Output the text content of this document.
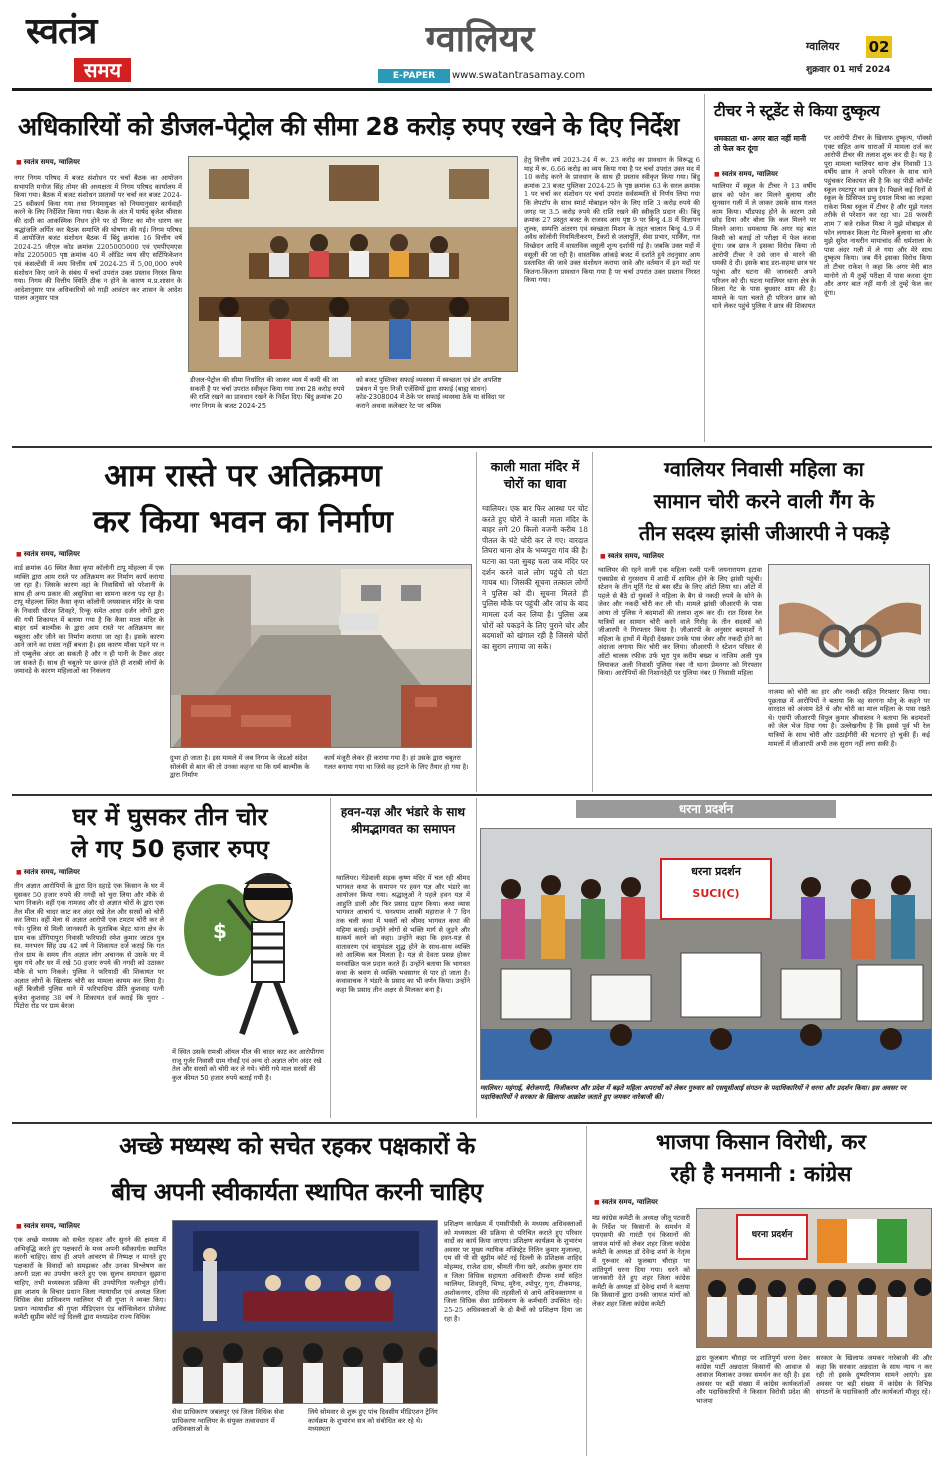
स्वतंत्र
समय
ग्वालियर
E-PAPER	www.swatantrasamay.com
ग्वालियर 02
शुक्रवार 01 मार्च 2024
अधिकारियों को डीजल-पेट्रोल की सीमा 28 करोड़ रुपए रखने के दिए निर्देश
■ स्वतंत्र समय, ग्वालियर
नगर निगम परिषद में बजट संशोधन पर चर्चा बैठक का आयोजन सभापति मनोज सिंह तोमर की अध्यक्षता में निगम परिषद कार्यालय में किया गया। बैठक में बजट संशोधन प्रस्तावों पर चर्चा कर बजट 2024-25 स्वीकार्य किया गया तथा निगमायुक्त को नियमानुसार कार्यवाही करने के लिए निर्देशित किया गया। बैठक के अंत में पार्षद बृजेश श्रीवास की दादी का आकस्मिक निधन होने पर दो मिनट का मौन धारण कर श्रद्धांजलि अर्पित कर बैठक समाप्ति की घोषणा की गई। निगम परिषद में आयोजित बजट संशोधन बैठक में बिंदु क्रमांक 16 वित्तीय वर्ष 2024-25 जीएल कोड क्रमांक 2205005000 एवं एमपीएमएस कोड 2205005 पृष्ठ क्रमांक 40 में ऑडिट व्यय सीए सर्टिफिकेशन एवं कंसल्टेंसी में व्यय वित्तीय वर्ष 2024-25 में 5,00,000 रुपये संशोधन किए जाने के संबंध में चर्चा उपरांत उक्त प्रस्ताव निरस्त किया गया। निगम की वित्तीय स्थिति ठीक न होने के कारण म.प्र.शासन के आदेशानुसार पात्र अधिकारियों को गाड़ी आवंटन कर शासन के आदेश पालन अनुसार पात्र
डीजल-पेट्रोल की सीमा निर्धारित की जाकर व्यय में कमी की जा सकती है पर चर्चा उपरांत स्वीकृत किया गया तथा 28 करोड़ रुपये की राशि रखने का प्रावधान रखने के निर्देश दिए। बिंदु क्रमांक 20 नगर निगम के बजट 2024-25
को बजट पुस्तिका सफाई व्यवस्था में स्वच्छता एवं डोर अपशिष्ट प्रबंधन में पुनः निजी एजेंसियों द्वारा सफाई (बाह्य साधन) कोड-2308004 में ठेके पर सफाई व्यवस्था ठेके या संविदा पर कराने अथवा कलेक्टर रेट पर श्रमिक
हेतु वित्तीय वर्ष 2023-24 में रू. 23 करोड़ का प्रावधान के विरूद्ध 6 माह में रू. 6.66 करोड़ का व्यय किया गया है पर चर्चा उपरांत उक्त मद में 10 करोड़ करने के प्रावधान के साथ ही प्रस्ताव स्वीकृत किया गया। बिंदु क्रमांक 23 बजट पुस्तिका 2024-25 के पृष्ठ क्रमांक 63 के सरल क्रमांक 1 पर चर्चा कर संशोधन पर चर्चा उपरांत सर्वसम्मति से निर्णय लिया गया कि लेपटॉप के साथ स्मार्ट मोबाइल फोन के लिए राशि 3 करोड़ रुपये की जगह पर 3.5 करोड़ रुपये की राशि रखने की स्वीकृति प्रदान की। बिंदु क्रमांक 27 प्रस्तुत बजट के राजस्व आय पृष्ठ 9 पर बिन्दु 4.8 में विज्ञापन शुल्क, सम्पत्ति अंतरण एवं स्वच्छता मिशन के तहत चालान बिन्दु 4.9 में अवैध कॉलोनी नियमितीकरण, टैंकरों से जलापूर्ति, सेवा प्रभार, पार्किंग, नल विच्छेदन आदि में वास्तविक वसूली शून्य दर्शायी गई है। जबकि उक्त मदों में वसूली की जा रही है। वास्तविक आंकड़े बजट में दर्शाते हुये तदनुसार आय प्रस्तावित की जावे उक्त संशोधन कराया जावे और वर्तमान में इन मदों पर कितना-कितना प्रावधान किया गया है पर चर्चा उपरांत उक्त प्रस्ताव निरस्त किया गया।
टीचर ने स्टूडेंट से किया दुष्कृत्य
धमकाता था- अगर बात नहीं मानी तो फेल कर दूंगा
■ स्वतंत्र समय, ग्वालियर
ग्वालियर में स्कूल के टीचर ने 13 वर्षीय छात्र को फोन कर मिलने बुलाया और सुनसान गली में ले जाकर उसके साथ गलत काम किया। भौंडफाइ होने के कारण उसे छोड़ दिया और बोला कि कल मिलने पर मिलने आना। धमकाया कि अगर यह बात किसी को बताई तो परीक्षा में फेल करवा दूंगा। जब छात्र ने इसका विरोध किया तो आरोपी टीचर ने उसे जान से मारने की धमकी दे दी। इसके बाद डरा-सहमा छात्र घर पहुंचा और घटना की जानकारी अपने परिजन को दी। घटना ग्वालियर थाना क्षेत्र के किला गेट के पास बुधवार शाम की है। मामले के पता चलते ही परिजन छात्र को थाने लेकर पहुंचे पुलिस ने छात्र की शिकायत
पर आरोपी टीचर के खिलाफ दुष्कृत्य, पॉक्सो एक्ट सहित अन्य धाराओं में मामला दर्ज कर आरोपी टीचर की तलाश शुरू कर दी है। यह है पूरा मामला ग्वालियर थाना क्षेत्र निवासी 13 वर्षीय छात्र ने अपने परिजन के साथ थाने पहुंचकर शिकायत की है कि वह पीडी कॉन्वेंट स्कूल रमटापुर का छात्र है। पिछले कई दिनों से स्कूल के प्रिंसिपल प्रभु दयाल मिश्रा का लड़का राकेश मिश्रा स्कूल में टीचर है और मुझे गलत तरीके से परेशान कर रहा था। 28 फरवरी शाम 7 बजे राकेश मिश्रा ने मुझे मोबाइल से फोन लगाकर किला गेट मिलने बुलाया था और मुझे सुरेश नाथरीन मायाचांद की धर्मशाला के पास अंदर गली में ले गया और मेरे साथ दुष्कृत्य किया। जब मैंने इसका विरोध किया तो टीचर राकेश ने कहा कि अगर मेरी बात मानोगे तो मैं तुम्हें परीक्षा में पास करवा दूंगा और अगर बात नहीं मानी तो तुम्हें फेल कर दूंगा।
आम रास्ते पर अतिक्रमण
कर किया भवन का निर्माण
■ स्वतंत्र समय, ग्वालियर
वार्ड क्रमांक 46 स्थित कैसा कृपा कॉलोनी टापू मोहल्ला में एक व्यक्ति द्वारा आम रास्ते पर अतिक्रमण कर निर्माण कार्य कराया जा रहा है। जिसके कारण वहां के निवासियों को परेशानी के साथ ही अन्य प्रकार की असुविधा का सामना करना पड़ रहा है। टापू मोहल्ला स्थित कैसा कृपा कॉलोनी जयसवाल मंदिर के पास के निवासी धीरज शिवहरे, रिन्कू समेत आधा दर्जन लोगों द्वारा की गयी शिकायत में बताया गया है कि कैसा माता मंदिर के बाहर धर्म बाल्मीक के द्वारा आम रास्ते पर अतिक्रमण कर चबूतरा और जीने का निर्माण कराया जा रहा है। इसके कारण आने जाने का रास्ता नहीं बचता है। इस कारण मौका पड़ने पर न तो एम्बुलेंस अंदर आ सकती है और न ही पानी के टैंकर अंदर जा सकते हैं। साथ ही चबूतरे पर छज्ज होते ही शराबी लोगों के जमावड़े के कारण महिलाओं का निकलना
दुभर हो जाता है। इस मामले में जब निगम के जेडओ संदेश सोलंकी से बात की तो उनका कहना था कि धर्म बाल्मीक के द्वारा निर्माण
कार्य मंजूरी लेकर ही कराया गया है। हां उसके द्वारा चबूतरा गलत बनाया गया था जिसे वह हटाने के लिए तैयार हो गया है।
काली माता मंदिर में चोरों का धावा
ग्वालियर। एक बार फिर आस्था पर चोट करते हुए चोरों ने काली माता मंदिर के बाहर लगे 20 किलो वजनी करीब 18 पीतल के घंटे चोरी कर ले गए। वारदात तिघरा थाना क्षेत्र के भय्यपुरा गांव की है। घटना का पता सुबह चला जब मंदिर पर दर्शन करने वाले लोग पहुंचे तो घंटा गायब था। जिसकी सूचना तत्काल लोगों ने पुलिस को दी। सूचना मिलते ही पुलिस मौके पर पहुंची और जांच के बाद मामला दर्ज कर लिया है। पुलिस अब चोरों को पकड़ने के लिए पुराने चोर और बदमाशों को खंगाल रही है जिससे चोरों का सुराग लगाया जा सके।
ग्वालियर निवासी महिला का
सामान चोरी करने वाली गैंग के
तीन सदस्य झांसी जीआरपी ने पकड़े
■ स्वतंत्र समय, ग्वालियर
ग्वालियर की रहने वाली एक महिला रश्मी पत्नी जयनारायण इटावा एक्सप्रेस से गुरसराय में शादी में शामिल होने के लिए झांसी पहुंची। स्टेशन के तीन मूर्ति गेट से बस स्टैंड के लिए ऑटो लिया था। ऑटो में पहले से बैठे दो युवकों ने महिला के बैग से नकदी रुपये के सोने के जेवर और नकदी चोरी कर ली थी। मामले झांसी जीआरपी के पास आया तो पुलिस ने बदमाशों की तलाश शुरू कर दी। रात दिवस रेल यात्रियों का सामान चोरी करने वाले गिरोह के तीन सदस्यों को जीआरपी ने गिरफ्तार किया है। जीआरपी के अनुसार बदमाशों ने महिला के हाथों में मेंहदी देखकर उनके पास जेवर और नकदी होने का अंदाजा लगाया फिर चोरी कर लिया। जीआरपी ने स्टेशन परिसर से ऑटो चालक रफीक उर्फ भूरा पुत्र करीम बख्श व नाजिम अली पुत्र लियाकत अली निवासी पुलिया नंबर नौ थाना प्रेमनगर को गिरफ्तार किया। आरोपियों की निशानदेही पर पुलिया नंबर 9 निवासी महिला
नाजमा को चोरी का हार और नकदी सहित गिरफ्तार किया गया। पूछताछ में आरोपियों ने बताया कि वह सरगना मोनू के कहने पर वारदात को अंजाम देते थे और चोरी का माल महिला के पास रखते थे। एसपी जीआरपी विपुल कुमार श्रीवास्तव ने बताया कि बदमाशों को जेल भेज दिया गया है। उल्लेखनीय है कि इससे पूर्व भी रेल यात्रियों के साथ चोरी और उठाईगीरी की घटनाएं हो चुकी हैं। कई मामलों में जीआरपी अभी तक सुराग नहीं लगा सकी है।
घर में घुसकर तीन चोर
ले गए 50 हजार रुपए
■ स्वतंत्र समय, ग्वालियर
तीन अज्ञात आरोपियों के द्वारा दिन दहाड़े एक किसान के घर में घुसकर 50 हजार रुपये की नगदी को चुरा लिया और मौके से भाग निकले। वहीं एक नामजद और दो अज्ञात चोरों के द्वारा एक तेल मील की चादर काट कर अंदर रखे तेल और सरसों को चोरी कर लिया। वहीं मेला से अज्ञात आरोपी एक टमटम चोरी कर ले गये। पुलिस से मिली जानकारी के मुताबिक बेहट थाना क्षेत्र के ग्राम चक डोंगियापुरा निवासी फरियादी रमेश कुमार जाटव पुत्र स्व. मनभरन सिंह उम्र 42 वर्ष ने शिकायत दर्ज कराई कि गत रोज ग्राम के समय तीन अज्ञात लोग अचानक से उसके घर में घुस गये और घर में रखे 50 हजार रुपये की नगदी को उठाकर मौके से भाग निकले। पुलिस ने फरियादी की शिकायत पर अज्ञात लोगों के खिलाफ चोरी का मामला कायम कर लिया है। वहीं बिजौली पुलिस थाने में फरियादिया प्रीति कुशवाह पत्नी बृजेश कुशवाह 38 वर्ष ने शिकायत दर्ज कराई कि मुरार - पिंटोरा रोड पर ग्राम बेरजा
$
में स्थित उसके रामश्री ऑयल मील की चादर काट कर आरोपीगण राजू गुर्जर निवासी ग्राम गोवर्ई एवं अन्य दो अज्ञात लोग अंदर रखे तेल और सरसों को चोरी कर ले गये। चोरी गये माल सरसों की कुल कीमत 50 हजार रुपये बताई गयी है।
हवन-यज्ञ और भंडारे के साथ श्रीमद्भागवत का समापन
ग्वालियर। गेंडेवाली सड़क कृष्ण मंदिर में चल रही श्रीमद भागवत कथा के समापन पर हवन यज्ञ और भंडारे का आयोजन किया गया। श्रद्धालुओं ने पहले हवन यज्ञ में आहुति डाली और फिर प्रसाद ग्रहण किया। कथा व्यास भागवत आचार्य पं. घनश्याम शास्त्री महाराज ने 7 दिन तक चली कथा में भक्तों को श्रीमद भागवत कथा की महिमा बताई। उन्होंने लोगों से भक्ति मार्ग से जुड़ने और सत्कर्म करने को कहा। उन्होंने कहा कि हवन-यज्ञ से वातावरण एवं वायुमंडल शुद्ध होने के साथ-साथ व्यक्ति को आत्मिक बल मिलता है। यज्ञ से देवता प्रसन्न होकर मनवांछित फल प्रदान करते हैं। उन्होंने बताया कि भागवत कथा के श्रवण से व्यक्ति भवसागर से पार हो जाता है। कथावाचक ने भंडारे के प्रसाद का भी वर्णन किया। उन्होंने कहा कि प्रसाद तीन अक्षर से मिलकर बना है।
धरना प्रदर्शन
धरना प्रदर्शन
SUCI(C)
ग्वालियर। महंगाई, बेरोजगारी, निजीकरण और प्रदेश में बढ़ते महिला अपराधों को लेकर गुरुवार को एसयूसीआई संगठन के पदाधिकारियों ने धरना और प्रदर्शन किया। इस अवसर पर पदाधिकारियों ने सरकार के खिलाफ आक्रोश जताते हुए जमकर नारेबाजी की।
अच्छे मध्यस्थ को सचेत रहकर पक्षकारों के
बीच अपनी स्वीकार्यता स्थापित करनी चाहिए
■ स्वतंत्र समय, ग्वालियर
एक अच्छे मध्यस्थ को सचेत रहकर और सुनने की क्षमता में अभिवृद्धि करते हुए पक्षकारों के मध्य अपनी स्वीकार्यता स्थापित करनी चाहिए। साथ ही अपने आचरण से निष्पक्ष न मानते हुए पक्षकारों के विवादों को समझकर और उनका विश्लेषण कर अपनी प्रज्ञा का उपयोग करते हुए एक सुलभ समाधान सुझाना चाहिए, तभी मध्यस्थता प्रक्रिया की उपयोगिता फलीभूत होगी। इस आशय के विचार प्रधान जिला न्यायाधीश एवं अध्यक्ष जिला विधिक सेवा प्राधिकरण ग्वालियर पी सी गुप्ता ने व्यक्त किए। प्रधान न्यायाधीश श्री गुप्ता मीडिएशन एंड कॉन्सिलेशन प्रोजेक्ट कमेटी सुप्रीम कोर्ट नई दिल्ली द्वारा मध्यप्रदेश राज्य विधिक
सेवा प्राधिकरण जबलपुर एवं जिला विधिक सेवा प्राधिकरण ग्वालियर के संयुक्त तत्वावधान में अधिवक्ताओं के
लिये सोमवार से शुरू हुए पांच दिवसीय मीडिएशन ट्रेनिंग कार्यक्रम के शुभारंभ सत्र को संबोधित कर रहे थे। मध्यस्थता
प्रशिक्षण कार्यक्रम में एमसीपीसी के मध्यस्थ अधिवक्ताओं को मध्यस्थता की प्रक्रिया से परिचित कराते हुए परिवार वादों का कार्य किया जाएगा। प्रशिक्षण कार्यक्रम के शुभारंभ अवसर पर मुख्य न्यायिक मजिस्ट्रेट नितिन कुमार मुजाल्दा, एम सी पी सी सुप्रीम कोर्ट नई दिल्ली के प्रशिक्षक शाहिद मोहम्मद, राजेश दास, श्रीमती नीना खरे, अशोक कुमार राय व जिला विधिक सहायता अधिकारी दीपक शर्मा सहित ग्वालियर, शिवपुरी, भिण्ड, मुरैना, श्योपुर, गुना, टीकमगढ़, अशोकनगर, दतिया की तहसीलों से आये अधिवक्तागण व जिला विधिक सेवा प्राधिकरण के कर्मचारी उपस्थित रहे। 25-25 अधिवक्ताओं के दो बैचों को प्रशिक्षण दिया जा रहा है।
भाजपा किसान विरोधी, कर
रही है मनमानी : कांग्रेस
■ स्वतंत्र समय, ग्वालियर
मप्र कांग्रेस कमेटी के अध्यक्ष जीतू पटवारी के निर्देश पर किसानों के समर्थन में एमएसपी की गारंटी एवं किसानों की जायज मांगों को लेकर शहर जिला कांग्रेस कमेटी के अध्यक्ष डॉ देवेन्द्र शर्मा के नेतृत्व में गुरूवार को फूलबाग चौराहा पर शांतिपूर्ण धरना दिया गया। धरने को जानकारी देते हुए शहर जिला कांग्रेस कमेटी के अध्यक्ष डॉ देवेन्द्र शर्मा ने बताया कि किसानों द्वारा उनकी जायज मांगों को लेकर शहर जिला कांग्रेस कमेटी
धरना प्रदर्शन
द्वारा फूलबाग चौराहा पर शांतिपूर्ण धरना देकर कांग्रेस पार्टी अन्नदाता किसानों की आवाज से आवाज मिलाकर उनका समर्थन कर रही है। इस अवसर पर बड़ी संख्या में कांग्रेस कार्यकर्ताओं और पदाधिकारियों ने किसान विरोधी प्रदेश की भाजपा
सरकार के खिलाफ जमकर नारेबाजी की और कहा कि सरकार अन्नदाता के साथ न्याय न कर रही तो इसके दुष्परिणाम सामने आएंगे। इस अवसर पर बड़ी संख्या में कांग्रेस के विभिन्न संगठनों के पदाधिकारी और कार्यकर्ता मौजूद रहे।
